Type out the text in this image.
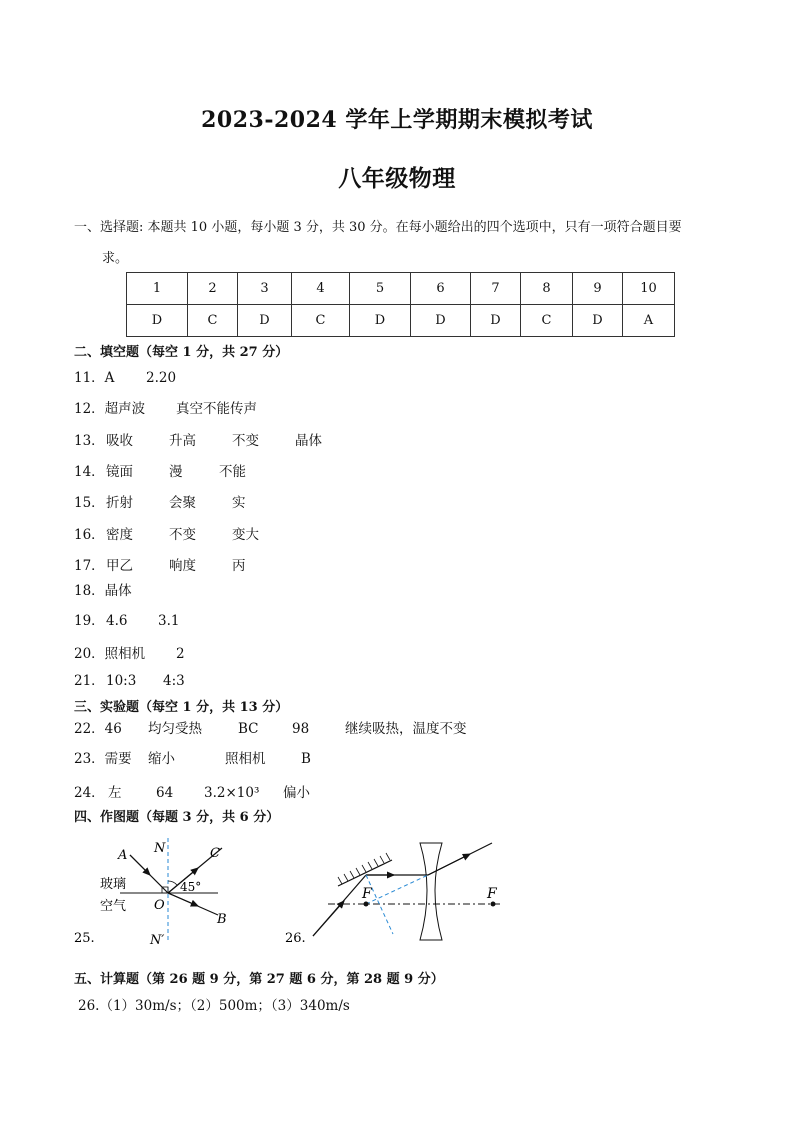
2023-2024 学年上学期期末模拟考试
八年级物理
一、选择题: 本题共 10 小题，每小题 3 分，共 30 分。在每小题给出的四个选项中，只有一项符合题目要
求。
1	2	3	4	5	6	7	8	9	10
D	C	D	C	D	D	D	C	D	A
二、填空题（每空 1 分，共 27 分）
11．A 2.20
12．超声波 真空不能传声
13．吸收	升高	不变	晶体
14．镜面	漫	不能
15．折射	会聚	实
16．密度	不变	变大
17．甲乙	响度	丙
18．晶体
19．4.6 3.1
20．照相机 2
21．10:3 4:3
三、实验题（每空 1 分，共 13 分）
22．46 均匀受热	BC 98	继续吸热，温度不变
23．需要 缩小	照相机	B
24． 左	64 3.2×10³ 偏小
四、作图题（每题 3 分，共 6 分）
A N	C
玻璃
空气 O
45°
B
N′
25.
F	F
26.
五、计算题（第 26 题 9 分，第 27 题 6 分，第 28 题 9 分）
26.（1）30m/s；（2）500m；（3）340m/s
